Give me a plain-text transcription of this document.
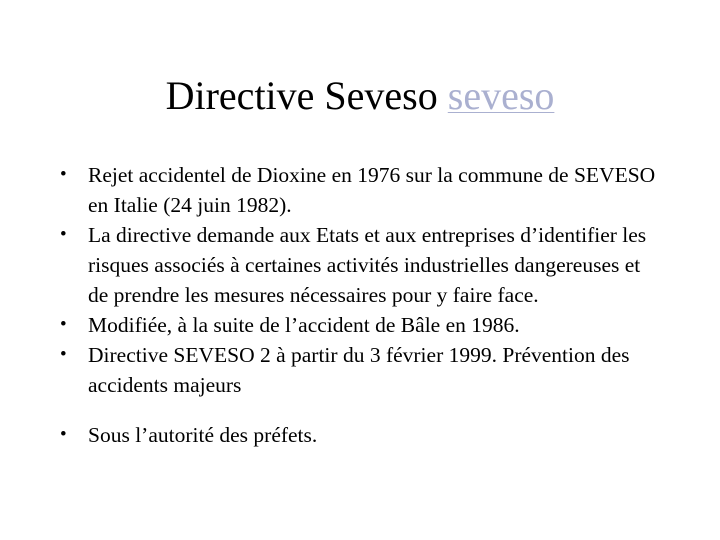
Directive Seveso seveso
• Rejet accidentel de Dioxine en 1976 sur la commune de SEVESO en Italie (24 juin 1982).
• La directive demande aux Etats et aux entreprises d’identifier les risques associés à certaines activités industrielles dangereuses et de prendre les mesures nécessaires pour y faire face.
• Modifiée, à la suite de l’accident de Bâle en 1986.
• Directive SEVESO 2 à partir du 3 février 1999. Prévention des accidents majeurs
• Sous l’autorité des préfets.
